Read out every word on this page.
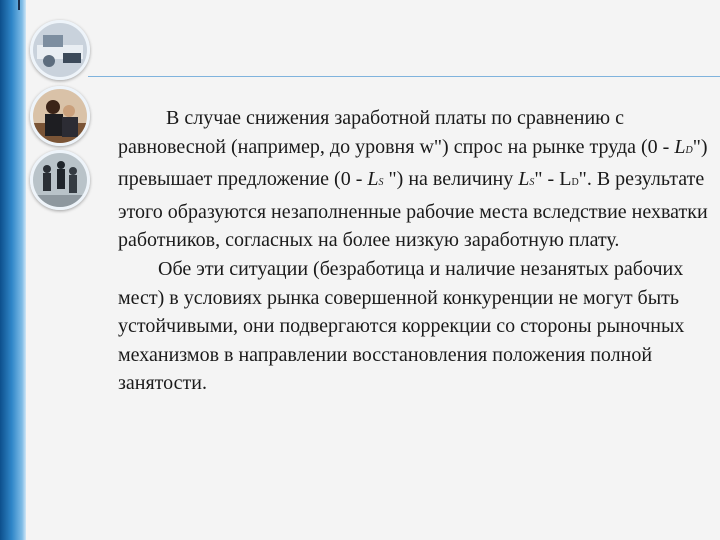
В случае снижения заработной платы по сравнению с равновесной (например, до уровня w") спрос на рынке труда (0 - LD") превышает предложение (0 - LS ") на величину LS" - LD". В результате этого образуются незаполненные рабочие места вследствие нехватки работников, согласных на более низкую заработную плату.

Обе эти ситуации (безработица и наличие незанятых рабочих мест) в условиях рынка совершенной конкуренции не могут быть устойчивыми, они подвергаются коррекции со стороны рыночных механизмов в направлении восстановления положения полной занятости.
